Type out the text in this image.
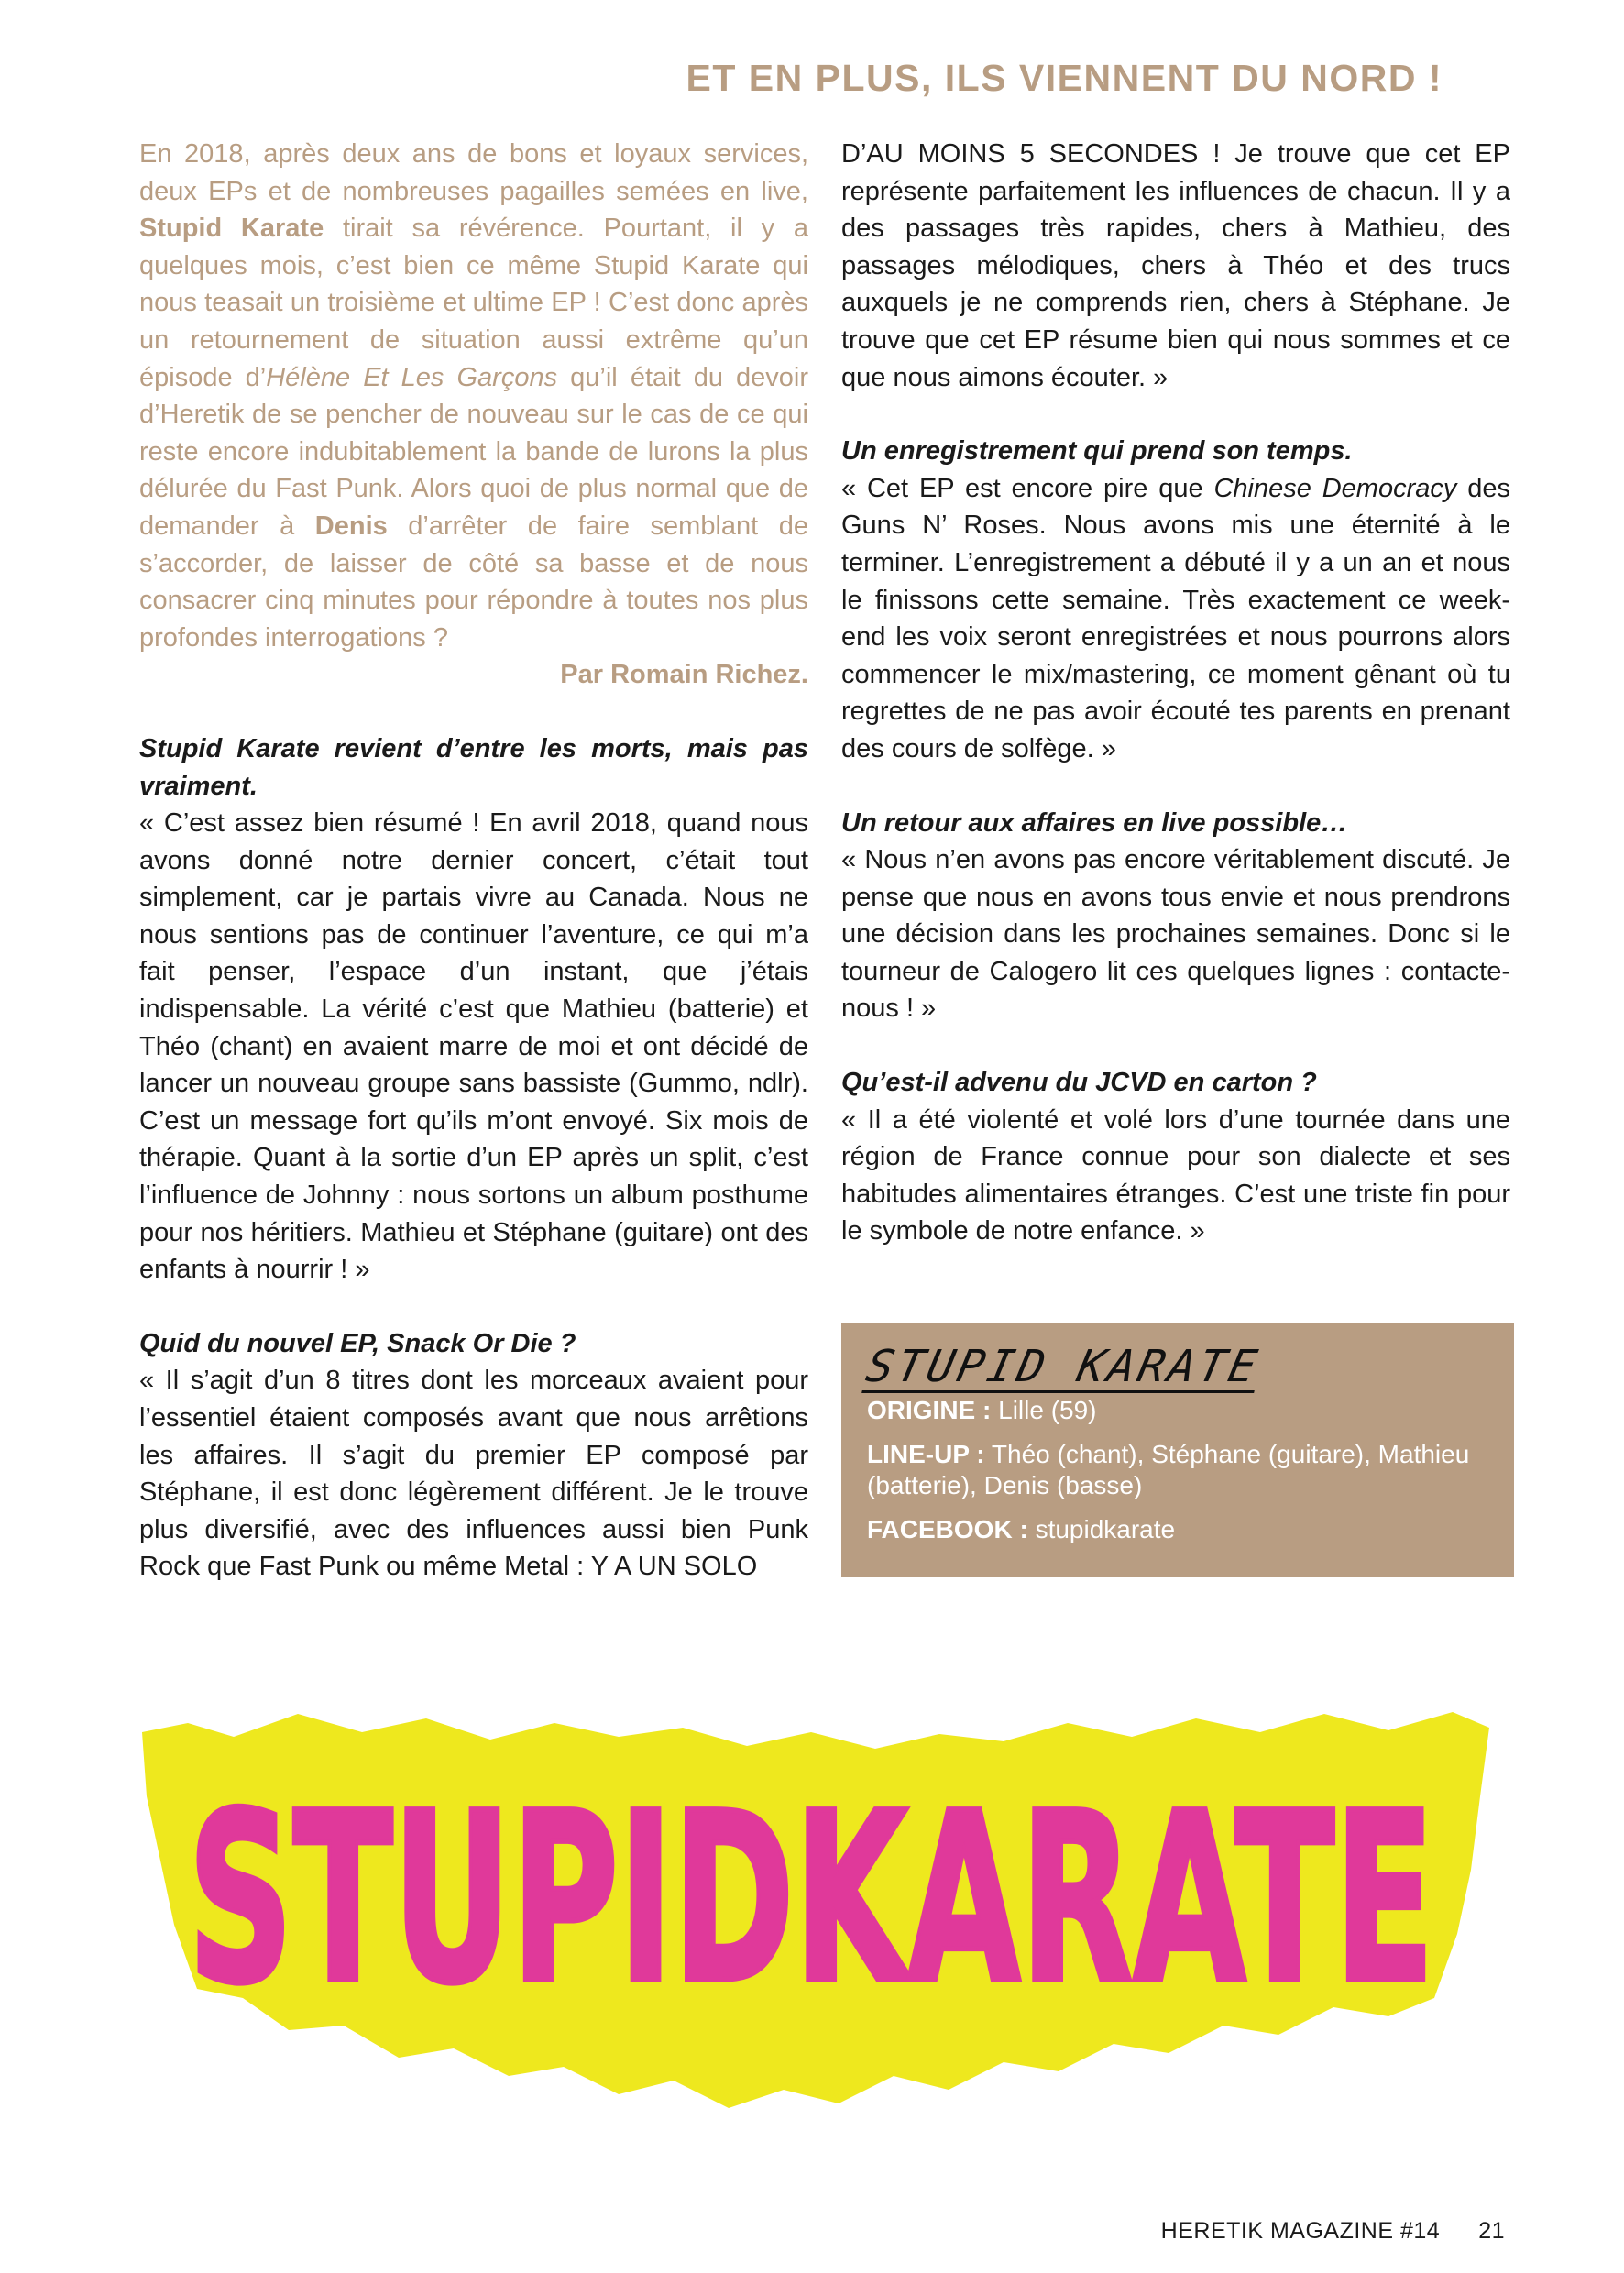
ET EN PLUS, ILS VIENNENT DU NORD !

En 2018, après deux ans de bons et loyaux services, deux EPs et de nombreuses pagailles semées en live, Stupid Karate tirait sa révérence. Pourtant, il y a quelques mois, c’est bien ce même Stupid Karate qui nous teasait un troisième et ultime EP ! C’est donc après un retournement de situation aussi extrême qu’un épisode d’Hélène Et Les Garçons qu’il était du devoir d’Heretik de se pencher de nouveau sur le cas de ce qui reste encore indubitablement la bande de lurons la plus délurée du Fast Punk. Alors quoi de plus normal que de demander à Denis d’arrêter de faire semblant de s’accorder, de laisser de côté sa basse et de nous consacrer cinq minutes pour répondre à toutes nos plus profondes interrogations ?

Par Romain Richez.

Stupid Karate revient d’entre les morts, mais pas vraiment.

« C’est assez bien résumé ! En avril 2018, quand nous avons donné notre dernier concert, c’était tout simplement, car je partais vivre au Canada. Nous ne nous sentions pas de continuer l’aventure, ce qui m’a fait penser, l’espace d’un instant, que j’étais indispensable. La vérité c’est que Mathieu (batterie) et Théo (chant) en avaient marre de moi et ont décidé de lancer un nouveau groupe sans bassiste (Gummo, ndlr). C’est un message fort qu’ils m’ont envoyé. Six mois de thérapie. Quant à la sortie d’un EP après un split, c’est l’influence de Johnny : nous sortons un album posthume pour nos héritiers. Mathieu et Stéphane (guitare) ont des enfants à nourrir ! »

Quid du nouvel EP, Snack Or Die ?

« Il s’agit d’un 8 titres dont les morceaux avaient pour l’essentiel étaient composés avant que nous arrêtions les affaires. Il s’agit du premier EP composé par Stéphane, il est donc légèrement différent. Je le trouve plus diversifié, avec des influences aussi bien Punk Rock que Fast Punk ou même Metal : Y A UN SOLO

D’AU MOINS 5 SECONDES ! Je trouve que cet EP représente parfaitement les influences de chacun. Il y a des passages très rapides, chers à Mathieu, des passages mélodiques, chers à Théo et des trucs auxquels je ne comprends rien, chers à Stéphane. Je trouve que cet EP résume bien qui nous sommes et ce que nous aimons écouter. »

Un enregistrement qui prend son temps.

« Cet EP est encore pire que Chinese Democracy des Guns N’ Roses. Nous avons mis une éternité à le terminer. L’enregistrement a débuté il y a un an et nous le finissons cette semaine. Très exactement ce week-end les voix seront enregistrées et nous pourrons alors commencer le mix/mastering, ce moment gênant où tu regrettes de ne pas avoir écouté tes parents en prenant des cours de solfège. »

Un retour aux affaires en live possible…

« Nous n’en avons pas encore véritablement discuté. Je pense que nous en avons tous envie et nous prendrons une décision dans les prochaines semaines. Donc si le tourneur de Calogero lit ces quelques lignes : contacte-nous ! »

Qu’est-il advenu du JCVD en carton ?

« Il a été violenté et volé lors d’une tournée dans une région de France connue pour son dialecte et ses habitudes alimentaires étranges. C’est une triste fin pour le symbole de notre enfance. »

STUPID KARATE
ORIGINE : Lille (59)
LINE-UP : Théo (chant), Stéphane (guitare), Mathieu (batterie), Denis (basse)
FACEBOOK : stupidkarate
STUPIDKARATE
HERETIK MAGAZINE #14 21
